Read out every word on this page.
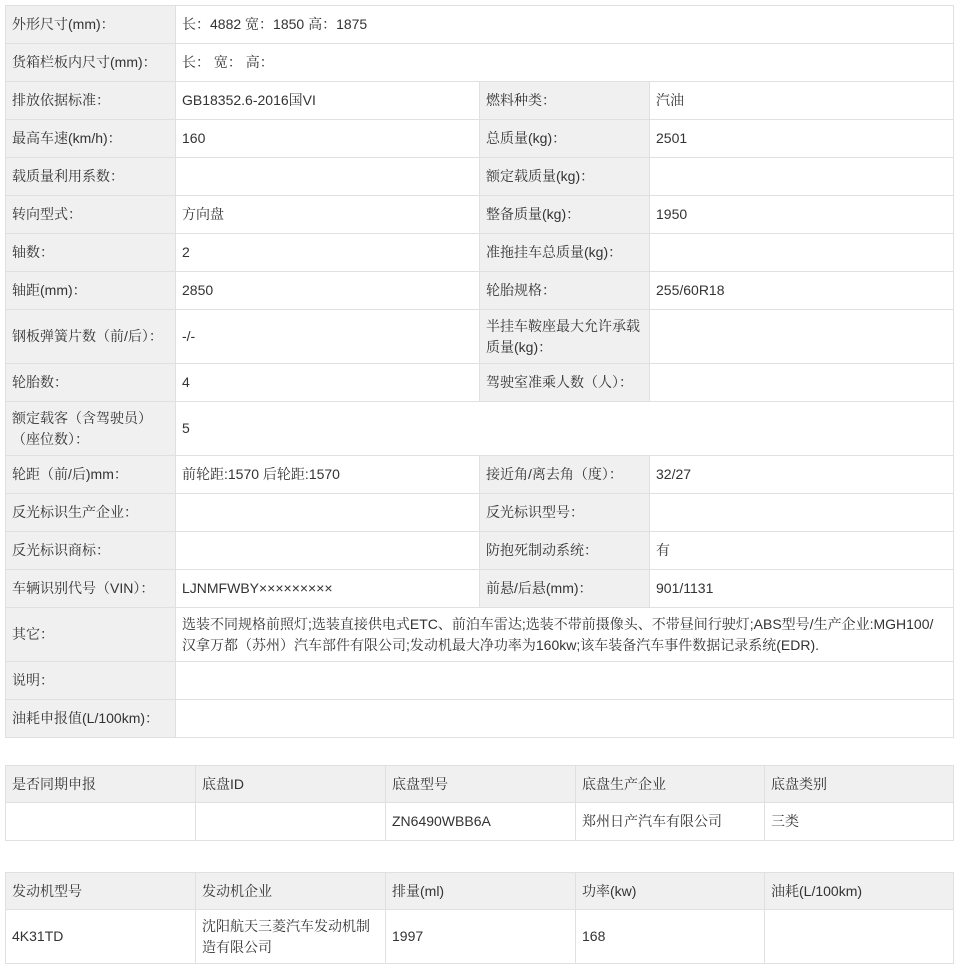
外形尺寸(mm)：	长：4882 宽：1850 高：1875		
货箱栏板内尺寸(mm)：	长： 宽： 高：		
排放依据标准：	GB18352.6-2016国VI	燃料种类：	汽油
最高车速(km/h)：	160	总质量(kg)：	2501
载质量利用系数：		额定载质量(kg)：	
转向型式：	方向盘	整备质量(kg)：	1950
轴数：	2	准拖挂车总质量(kg)：	
轴距(mm)：	2850	轮胎规格：	255/60R18
钢板弹簧片数（前/后）：	-/-	半挂车鞍座最大允许承载质量(kg)：	
轮胎数：	4	驾驶室准乘人数（人）：	
额定载客（含驾驶员）（座位数）：	5		
轮距（前/后)mm：	前轮距:1570 后轮距:1570	接近角/离去角（度）：	32/27
反光标识生产企业：		反光标识型号：	
反光标识商标：		防抱死制动系统：	有
车辆识别代号（VIN）：	LJNMFWBY×××××××××	前悬/后悬(mm)：	901/1131
其它：	选装不同规格前照灯;选装直接供电式ETC、前泊车雷达;选装不带前摄像头、不带昼间行驶灯;ABS型号/生产企业:MGH100/汉拿万都（苏州）汽车部件有限公司;发动机最大净功率为160kw;该车装备汽车事件数据记录系统(EDR).		
说明：			
油耗申报值(L/100km)：			
是否同期申报	底盘ID	底盘型号	底盘生产企业	底盘类别
		ZN6490WBB6A	郑州日产汽车有限公司	三类
发动机型号	发动机企业	排量(ml)	功率(kw)	油耗(L/100km)
4K31TD	沈阳航天三菱汽车发动机制造有限公司	1997	168	
